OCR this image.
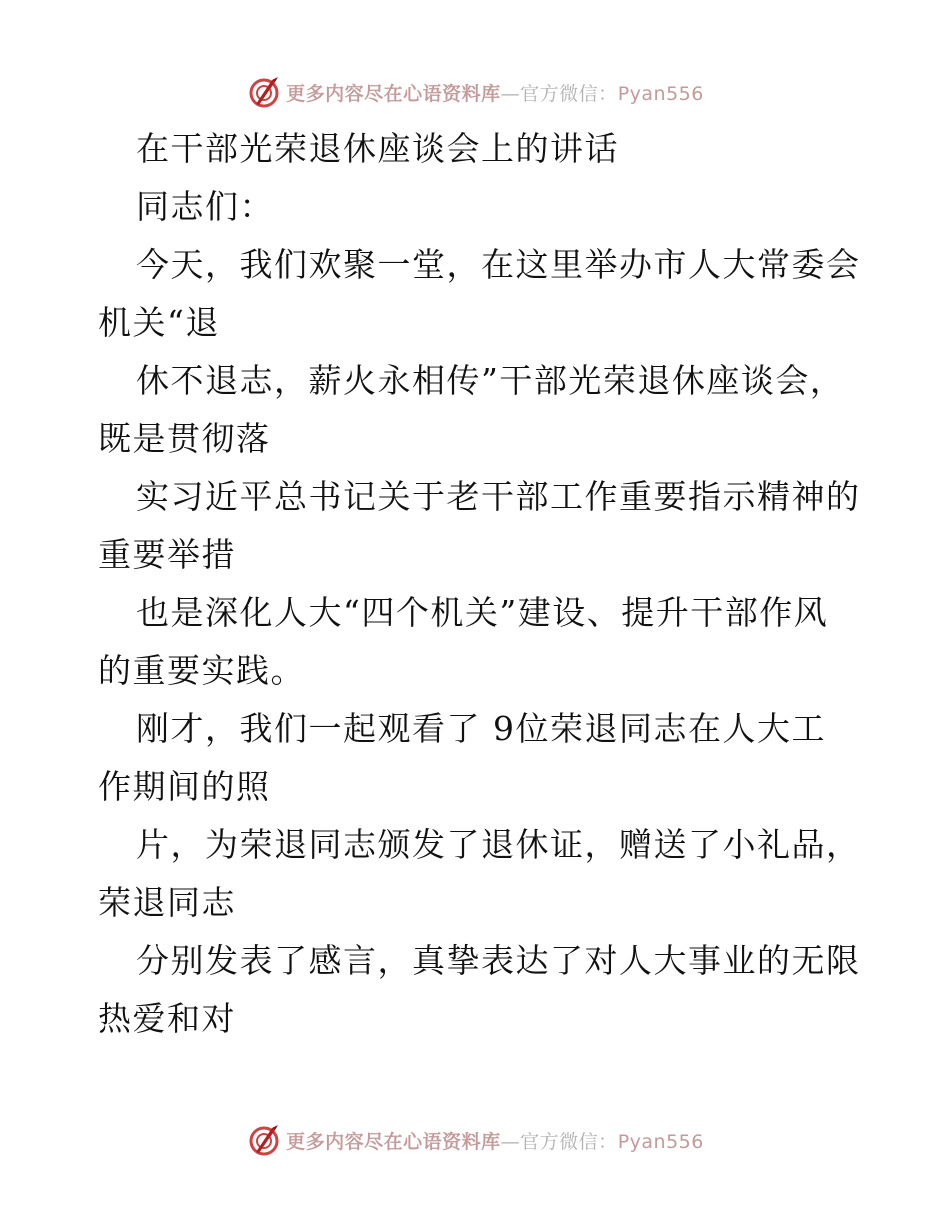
更多内容尽在心语资料库—官方微信：Pyan556
在干部光荣退休座谈会上的讲话
同志们：
今天，我们欢聚一堂，在这里举办市人大常委会
机关“退
休不退志，薪火永相传”干部光荣退休座谈会，
既是贯彻落
实习近平总书记关于老干部工作重要指示精神的
重要举措
也是深化人大“四个机关”建设、提升干部作风
的重要实践。
刚才，我们一起观看了 9位荣退同志在人大工
作期间的照
片，为荣退同志颁发了退休证，赠送了小礼品，
荣退同志
分别发表了感言，真挚表达了对人大事业的无限
热爱和对
更多内容尽在心语资料库—官方微信：Pyan556
